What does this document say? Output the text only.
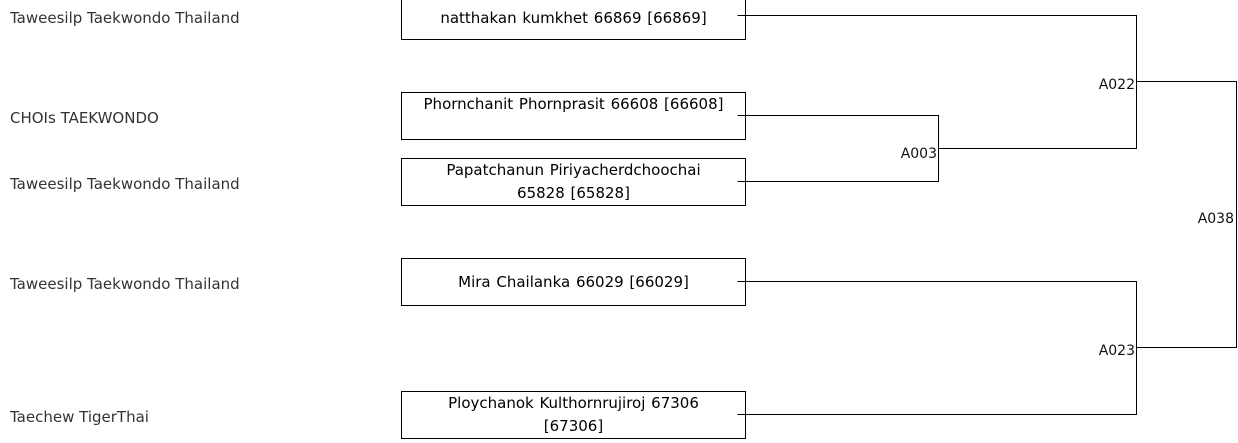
Taweesilp Taekwondo Thailand
CHOIs TAEKWONDO
Taweesilp Taekwondo Thailand
Taweesilp Taekwondo Thailand
Taechew TigerThai
natthakan kumkhet 66869 [66869]
Phornchanit Phornprasit 66608 [66608]
Papatchanun Piriyacherdchoochai 65828 [65828]
Mira Chailanka 66029 [66029]
Ploychanok Kulthornrujiroj 67306 [67306]
A003
A022
A023
A038
